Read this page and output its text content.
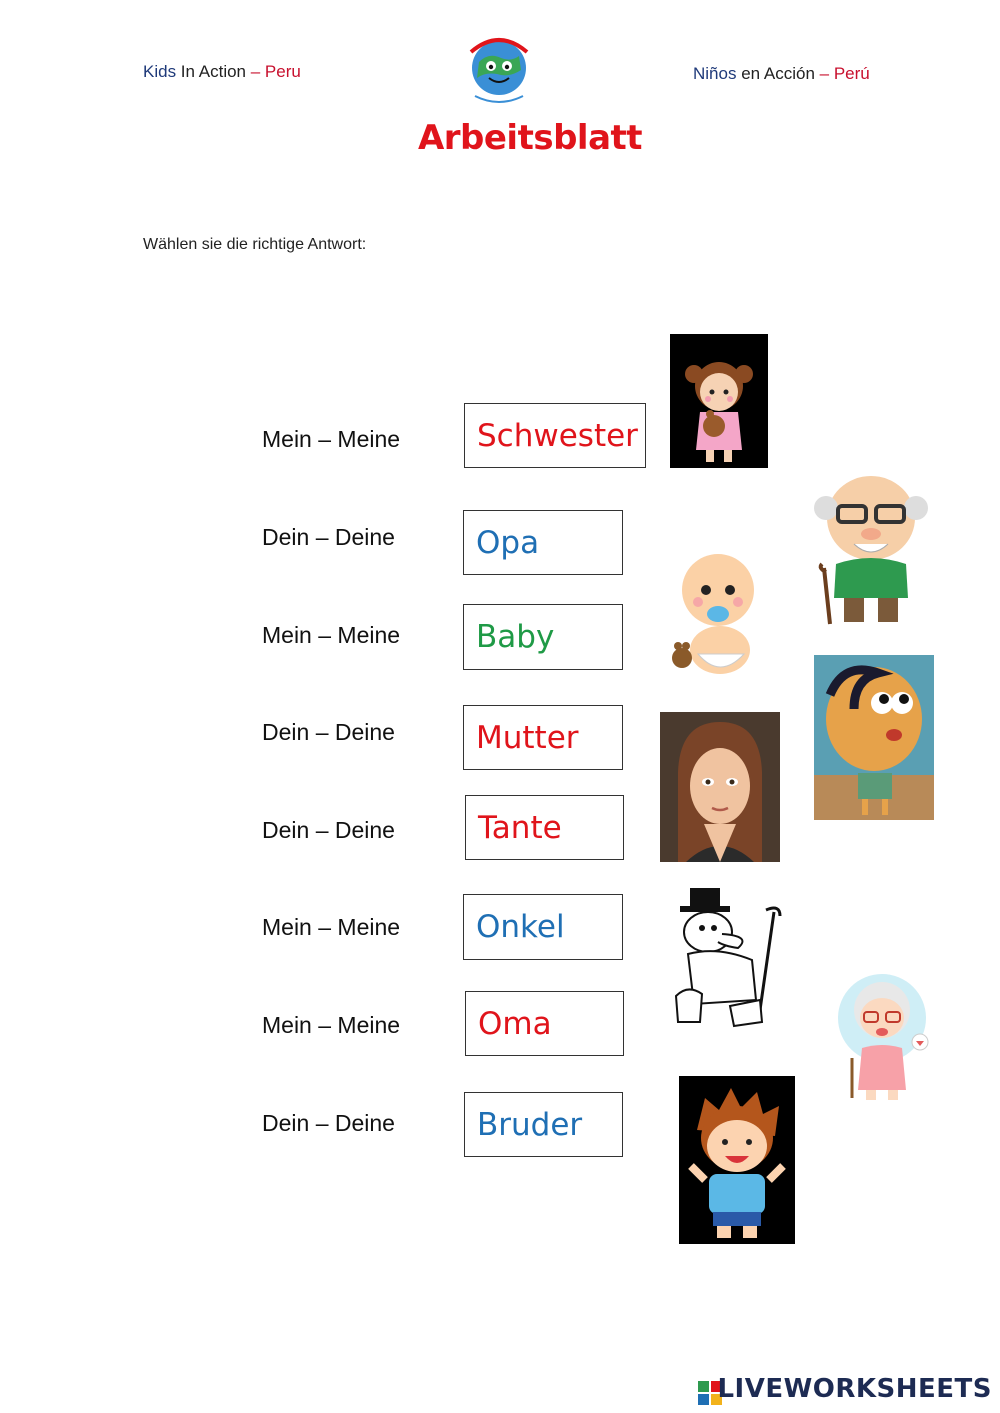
Kids In Action – Peru	Niños en Acción – Perú
Arbeitsblatt
Wählen sie die richtige Antwort:
Mein – Meine
Dein – Deine
Mein – Meine
Dein – Deine
Dein – Deine
Mein – Meine
Mein – Meine
Dein – Deine
Schwester
Opa
Baby
Mutter
Tante
Onkel
Oma
Bruder
LIVEWORKSHEETS
